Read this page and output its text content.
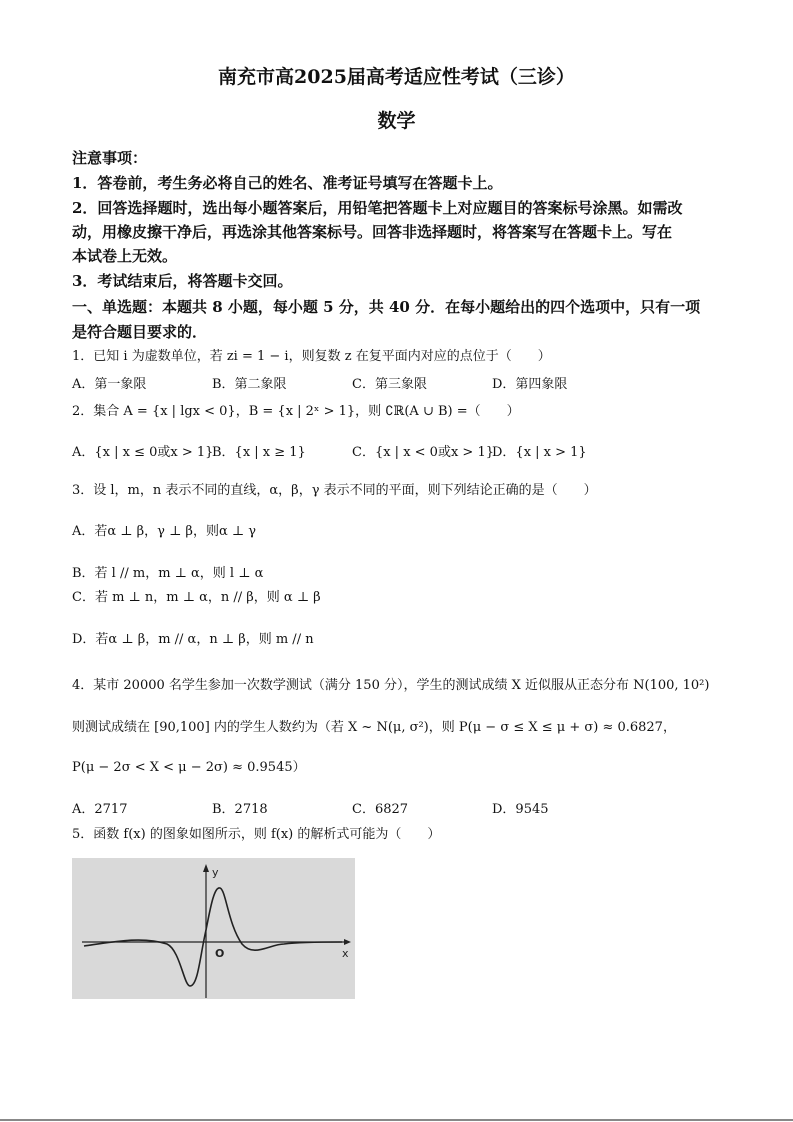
南充市高2025届高考适应性考试（三诊）
数学
注意事项：
1．答卷前，考生务必将自己的姓名、准考证号填写在答题卡上。
2．回答选择题时，选出每小题答案后，用铅笔把答题卡上对应题目的答案标号涂黑。如需改
动，用橡皮擦干净后，再选涂其他答案标号。回答非选择题时，将答案写在答题卡上。写在
本试卷上无效。
3．考试结束后，将答题卡交回。
一、单选题：本题共 8 小题，每小题 5 分，共 40 分．在每小题给出的四个选项中，只有一项
是符合题目要求的．
1．已知 i 为虚数单位，若 zi = 1 − i，则复数 z 在复平面内对应的点位于（　　）
A．第一象限	B．第二象限	C．第三象限	D．第四象限
2．集合 A = {x | lgx < 0}，B = {x | 2ˣ > 1}，则 ∁ℝ(A ∪ B) =（　　）
A．{x | x ≤ 0或x > 1}
B．{x | x ≥ 1}	C．{x | x < 0或x > 1}
D．{x | x > 1}
3．设 l，m，n 表示不同的直线，α，β，γ 表示不同的平面，则下列结论正确的是（　　）
A．若α ⊥ β，γ ⊥ β，则α ⊥ γ
B．若 l // m，m ⊥ α，则 l ⊥ α
C．若 m ⊥ n，m ⊥ α，n // β，则 α ⊥ β
D．若α ⊥ β，m // α，n ⊥ β，则 m // n
4．某市 20000 名学生参加一次数学测试（满分 150 分），学生的测试成绩 X 近似服从正态分布 N(100, 10²)
则测试成绩在 [90,100] 内的学生人数约为（若 X ~ N(μ, σ²)，则 P(μ − σ ≤ X ≤ μ + σ) ≈ 0.6827，
P(μ − 2σ < X < μ − 2σ) ≈ 0.9545）
A．2717	B．2718	C．6827	D．9545
5．函数 f(x) 的图象如图所示，则 f(x) 的解析式可能为（　　）
y
x
O
